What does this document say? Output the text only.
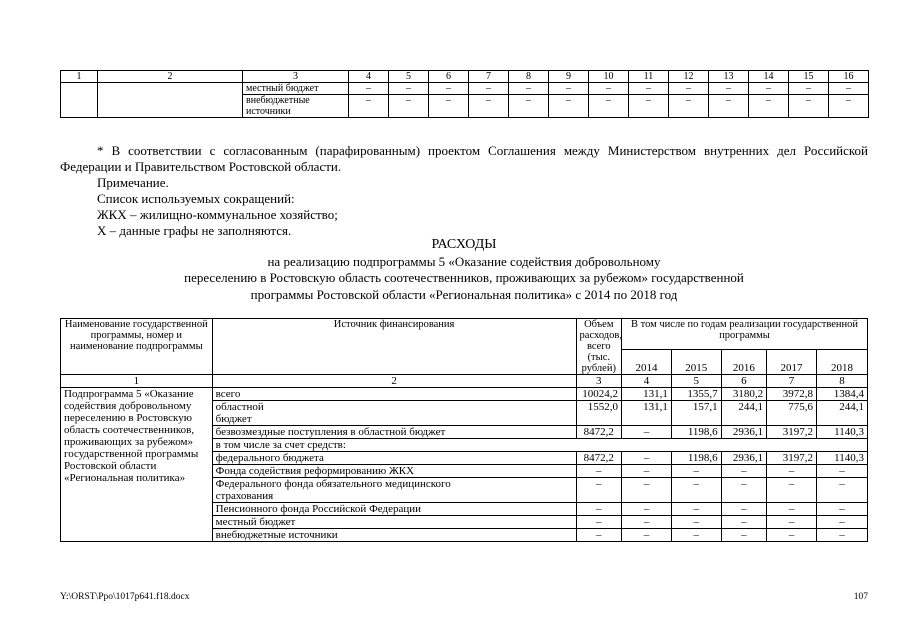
1	2	3	4	5	6	7	8	9	10	11	12	13	14	15	16
		местный бюджет	–	–	–	–	–	–	–	–	–	–	–	–	–
		внебюджетные источники	–	–	–	–	–	–	–	–	–	–	–	–	–

* В соответствии с согласованным (парафированным) проектом Соглашения между Министерством внутренних дел Российской Федерации и Правительством Ростовской области.

Примечание.

Список используемых сокращений:

ЖКХ – жилищно-коммунальное хозяйство;

Х – данные графы не заполняются.

РАСХОДЫ
на реализацию подпрограммы 5 «Оказание содействия добровольному
переселению в Ростовскую область соотечественников, проживающих за рубежом» государственной
программы Ростовской области «Региональная политика» с 2014 по 2018 год
Наименование государственной программы, номер и наименование подпрограммы	Источник финансирования	Объем расходов, всего (тыс. рублей)	В том числе по годам реализации государственной программы				
			2014	2015	2016	2017	2018
1	2	3	4	5	6	7	8
Подпрограмма 5 «Оказание содействия добровольному переселению в Ростовскую область соотечественников, проживающих за рубежом» государственной программы Ростовской области «Региональная политика»	всего	10024,2	131,1	1355,7	3180,2	3972,8	1384,4

	областной бюджет	1552,0	131,1	157,1	244,1	775,6	244,1
	безвозмездные поступления в областной бюджет	8472,2	–	1198,6	2936,1	3197,2	1140,3
	в том числе за счет средств:						
	федерального бюджета	8472,2	–	1198,6	2936,1	3197,2	1140,3
	Фонда содействия реформированию ЖКХ	–	–	–	–	–	–

	Федерального фонда обязательного медицинского страхования	–	–	–	–	–	–
	Пенсионного фонда Российской Федерации	–	–	–	–	–	–
	местный бюджет	–	–	–	–	–	–
	внебюджетные источники	–	–	–	–	–	–
Y:\ORST\Ppo\1017p641.f18.docx	107
